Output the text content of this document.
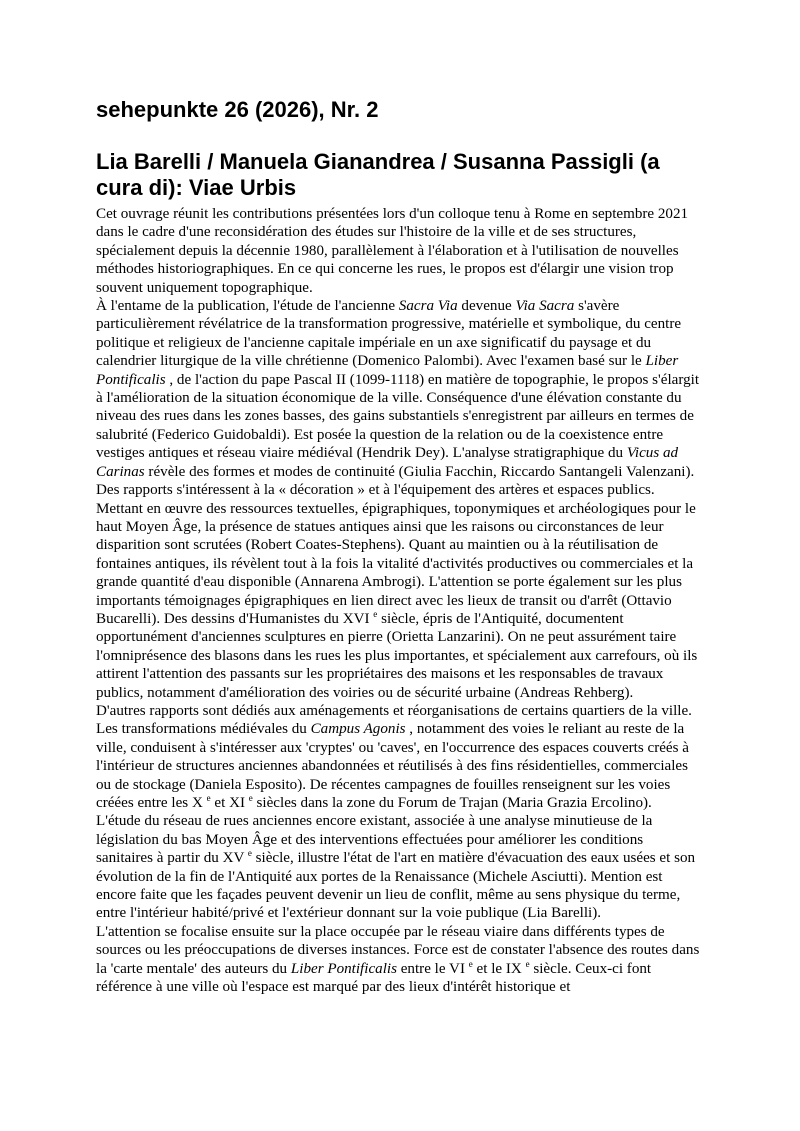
sehepunkte 26 (2026), Nr. 2
Lia Barelli / Manuela Gianandrea / Susanna Passigli (a cura di): Viae Urbis

Cet ouvrage réunit les contributions présentées lors d'un colloque tenu à Rome en septembre 2021 dans le cadre d'une reconsidération des études sur l'histoire de la ville et de ses structures, spécialement depuis la décennie 1980, parallèlement à l'élaboration et à l'utilisation de nouvelles méthodes historiographiques. En ce qui concerne les rues, le propos est d'élargir une vision trop souvent uniquement topographique.

À l'entame de la publication, l'étude de l'ancienne Sacra Via devenue Via Sacra s'avère particulièrement révélatrice de la transformation progressive, matérielle et symbolique, du centre politique et religieux de l'ancienne capitale impériale en un axe significatif du paysage et du calendrier liturgique de la ville chrétienne (Domenico Palombi). Avec l'examen basé sur le Liber Pontificalis , de l'action du pape Pascal II (1099-1118) en matière de topographie, le propos s'élargit à l'amélioration de la situation économique de la ville. Conséquence d'une élévation constante du niveau des rues dans les zones basses, des gains substantiels s'enregistrent par ailleurs en termes de salubrité (Federico Guidobaldi). Est posée la question de la relation ou de la coexistence entre vestiges antiques et réseau viaire médiéval (Hendrik Dey). L'analyse stratigraphique du Vicus ad Carinas révèle des formes et modes de continuité (Giulia Facchin, Riccardo Santangeli Valenzani).

Des rapports s'intéressent à la « décoration » et à l'équipement des artères et espaces publics. Mettant en œuvre des ressources textuelles, épigraphiques, toponymiques et archéologiques pour le haut Moyen Âge, la présence de statues antiques ainsi que les raisons ou circonstances de leur disparition sont scrutées (Robert Coates-Stephens). Quant au maintien ou à la réutilisation de fontaines antiques, ils révèlent tout à la fois la vitalité d'activités productives ou commerciales et la grande quantité d'eau disponible (Annarena Ambrogi). L'attention se porte également sur les plus importants témoignages épigraphiques en lien direct avec les lieux de transit ou d'arrêt (Ottavio Bucarelli). Des dessins d'Humanistes du XVI $^e$ siècle, épris de l'Antiquité, documentent opportunément d'anciennes sculptures en pierre (Orietta Lanzarini). On ne peut assurément taire l'omniprésence des blasons dans les rues les plus importantes, et spécialement aux carrefours, où ils attirent l'attention des passants sur les propriétaires des maisons et les responsables de travaux publics, notamment d'amélioration des voiries ou de sécurité urbaine (Andreas Rehberg).

D'autres rapports sont dédiés aux aménagements et réorganisations de certains quartiers de la ville. Les transformations médiévales du Campus Agonis , notamment des voies le reliant au reste de la ville, conduisent à s'intéresser aux 'cryptes' ou 'caves', en l'occurrence des espaces couverts créés à l'intérieur de structures anciennes abandonnées et réutilisés à des fins résidentielles, commerciales ou de stockage (Daniela Esposito). De récentes campagnes de fouilles renseignent sur les voies créées entre les X $^e$ et XI $^e$ siècles dans la zone du Forum de Trajan (Maria Grazia Ercolino). L'étude du réseau de rues anciennes encore existant, associée à une analyse minutieuse de la législation du bas Moyen Âge et des interventions effectuées pour améliorer les conditions sanitaires à partir du XV $^e$ siècle, illustre l'état de l'art en matière d'évacuation des eaux usées et son évolution de la fin de l'Antiquité aux portes de la Renaissance (Michele Asciutti). Mention est encore faite que les façades peuvent devenir un lieu de conflit, même au sens physique du terme, entre l'intérieur habité/privé et l'extérieur donnant sur la voie publique (Lia Barelli).

L'attention se focalise ensuite sur la place occupée par le réseau viaire dans différents types de sources ou les préoccupations de diverses instances. Force est de constater l'absence des routes dans la 'carte mentale' des auteurs du Liber Pontificalis entre le VI $^e$ et le IX $^e$ siècle. Ceux-ci font référence à une ville où l'espace est marqué par des lieux d'intérêt historique et
